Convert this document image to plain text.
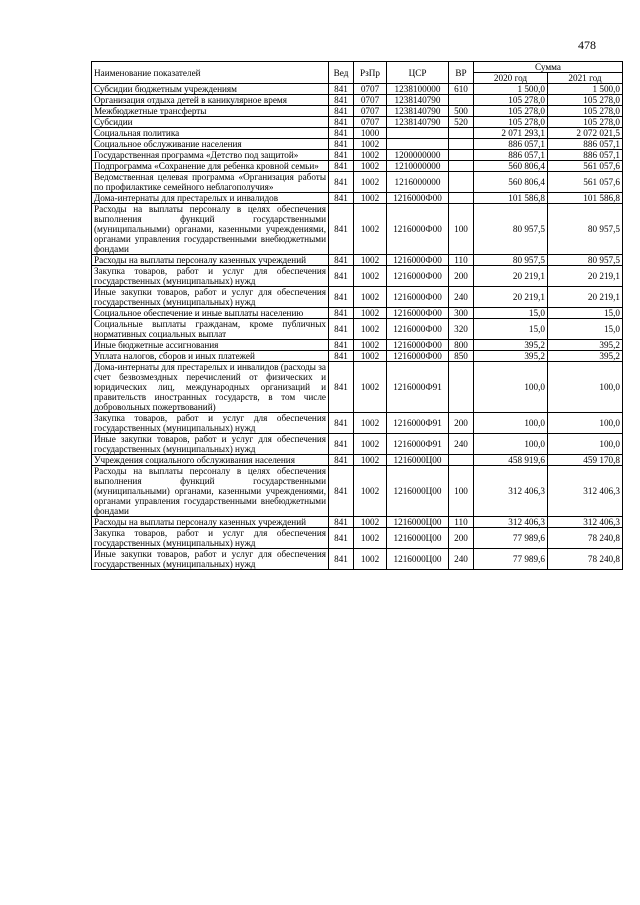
478
Наименование показателей	Вед	РзПр	ЦСР	ВР	Сумма	
					2020 год	2021 год
Субсидии бюджетным учреждениям	841	0707	1238100000	610	1 500,0	1 500,0
Организация отдыха детей в каникулярное время	841	0707	1238140790		105 278,0	105 278,0
Межбюджетные трансферты	841	0707	1238140790	500	105 278,0	105 278,0
Субсидии	841	0707	1238140790	520	105 278,0	105 278,0
Социальная политика	841	1000			2 071 293,1	2 072 021,5
Социальное обслуживание населения	841	1002			886 057,1	886 057,1
Государственная программа «Детство под защитой»	841	1002	1200000000		886 057,1	886 057,1
Подпрограмма «Сохранение для ребенка кровной семьи»	841	1002	1210000000		560 806,4	561 057,6
Ведомственная целевая программа «Организация работы по профилактике семейного неблагополучия»	841	1002	1216000000		560 806,4	561 057,6
Дома-интернаты для престарелых и инвалидов	841	1002	1216000Ф00		101 586,8	101 586,8
Расходы на выплаты персоналу в целях обеспечения выполнения функций государственными (муниципальными) органами, казенными учреждениями, органами управления государственными внебюджетными фондами	841	1002	1216000Ф00	100	80 957,5	80 957,5
Расходы на выплаты персоналу казенных учреждений	841	1002	1216000Ф00	110	80 957,5	80 957,5
Закупка товаров, работ и услуг для обеспечения государственных (муниципальных) нужд	841	1002	1216000Ф00	200	20 219,1	20 219,1
Иные закупки товаров, работ и услуг для обеспечения государственных (муниципальных) нужд	841	1002	1216000Ф00	240	20 219,1	20 219,1
Социальное обеспечение и иные выплаты населению	841	1002	1216000Ф00	300	15,0	15,0
Социальные выплаты гражданам, кроме публичных нормативных социальных выплат	841	1002	1216000Ф00	320	15,0	15,0
Иные бюджетные ассигнования	841	1002	1216000Ф00	800	395,2	395,2
Уплата налогов, сборов и иных платежей	841	1002	1216000Ф00	850	395,2	395,2
Дома-интернаты для престарелых и инвалидов (расходы за счет безвозмездных перечислений от физических и юридических лиц, международных организаций и правительств иностранных государств, в том числе добровольных пожертвований)	841	1002	1216000Ф91		100,0	100,0
Закупка товаров, работ и услуг для обеспечения государственных (муниципальных) нужд	841	1002	1216000Ф91	200	100,0	100,0
Иные закупки товаров, работ и услуг для обеспечения государственных (муниципальных) нужд	841	1002	1216000Ф91	240	100,0	100,0
Учреждения социального обслуживания населения	841	1002	1216000Ц00		458 919,6	459 170,8
Расходы на выплаты персоналу в целях обеспечения выполнения функций государственными (муниципальными) органами, казенными учреждениями, органами управления государственными внебюджетными фондами	841	1002	1216000Ц00	100	312 406,3	312 406,3
Расходы на выплаты персоналу казенных учреждений	841	1002	1216000Ц00	110	312 406,3	312 406,3
Закупка товаров, работ и услуг для обеспечения государственных (муниципальных) нужд	841	1002	1216000Ц00	200	77 989,6	78 240,8
Иные закупки товаров, работ и услуг для обеспечения государственных (муниципальных) нужд	841	1002	1216000Ц00	240	77 989,6	78 240,8
